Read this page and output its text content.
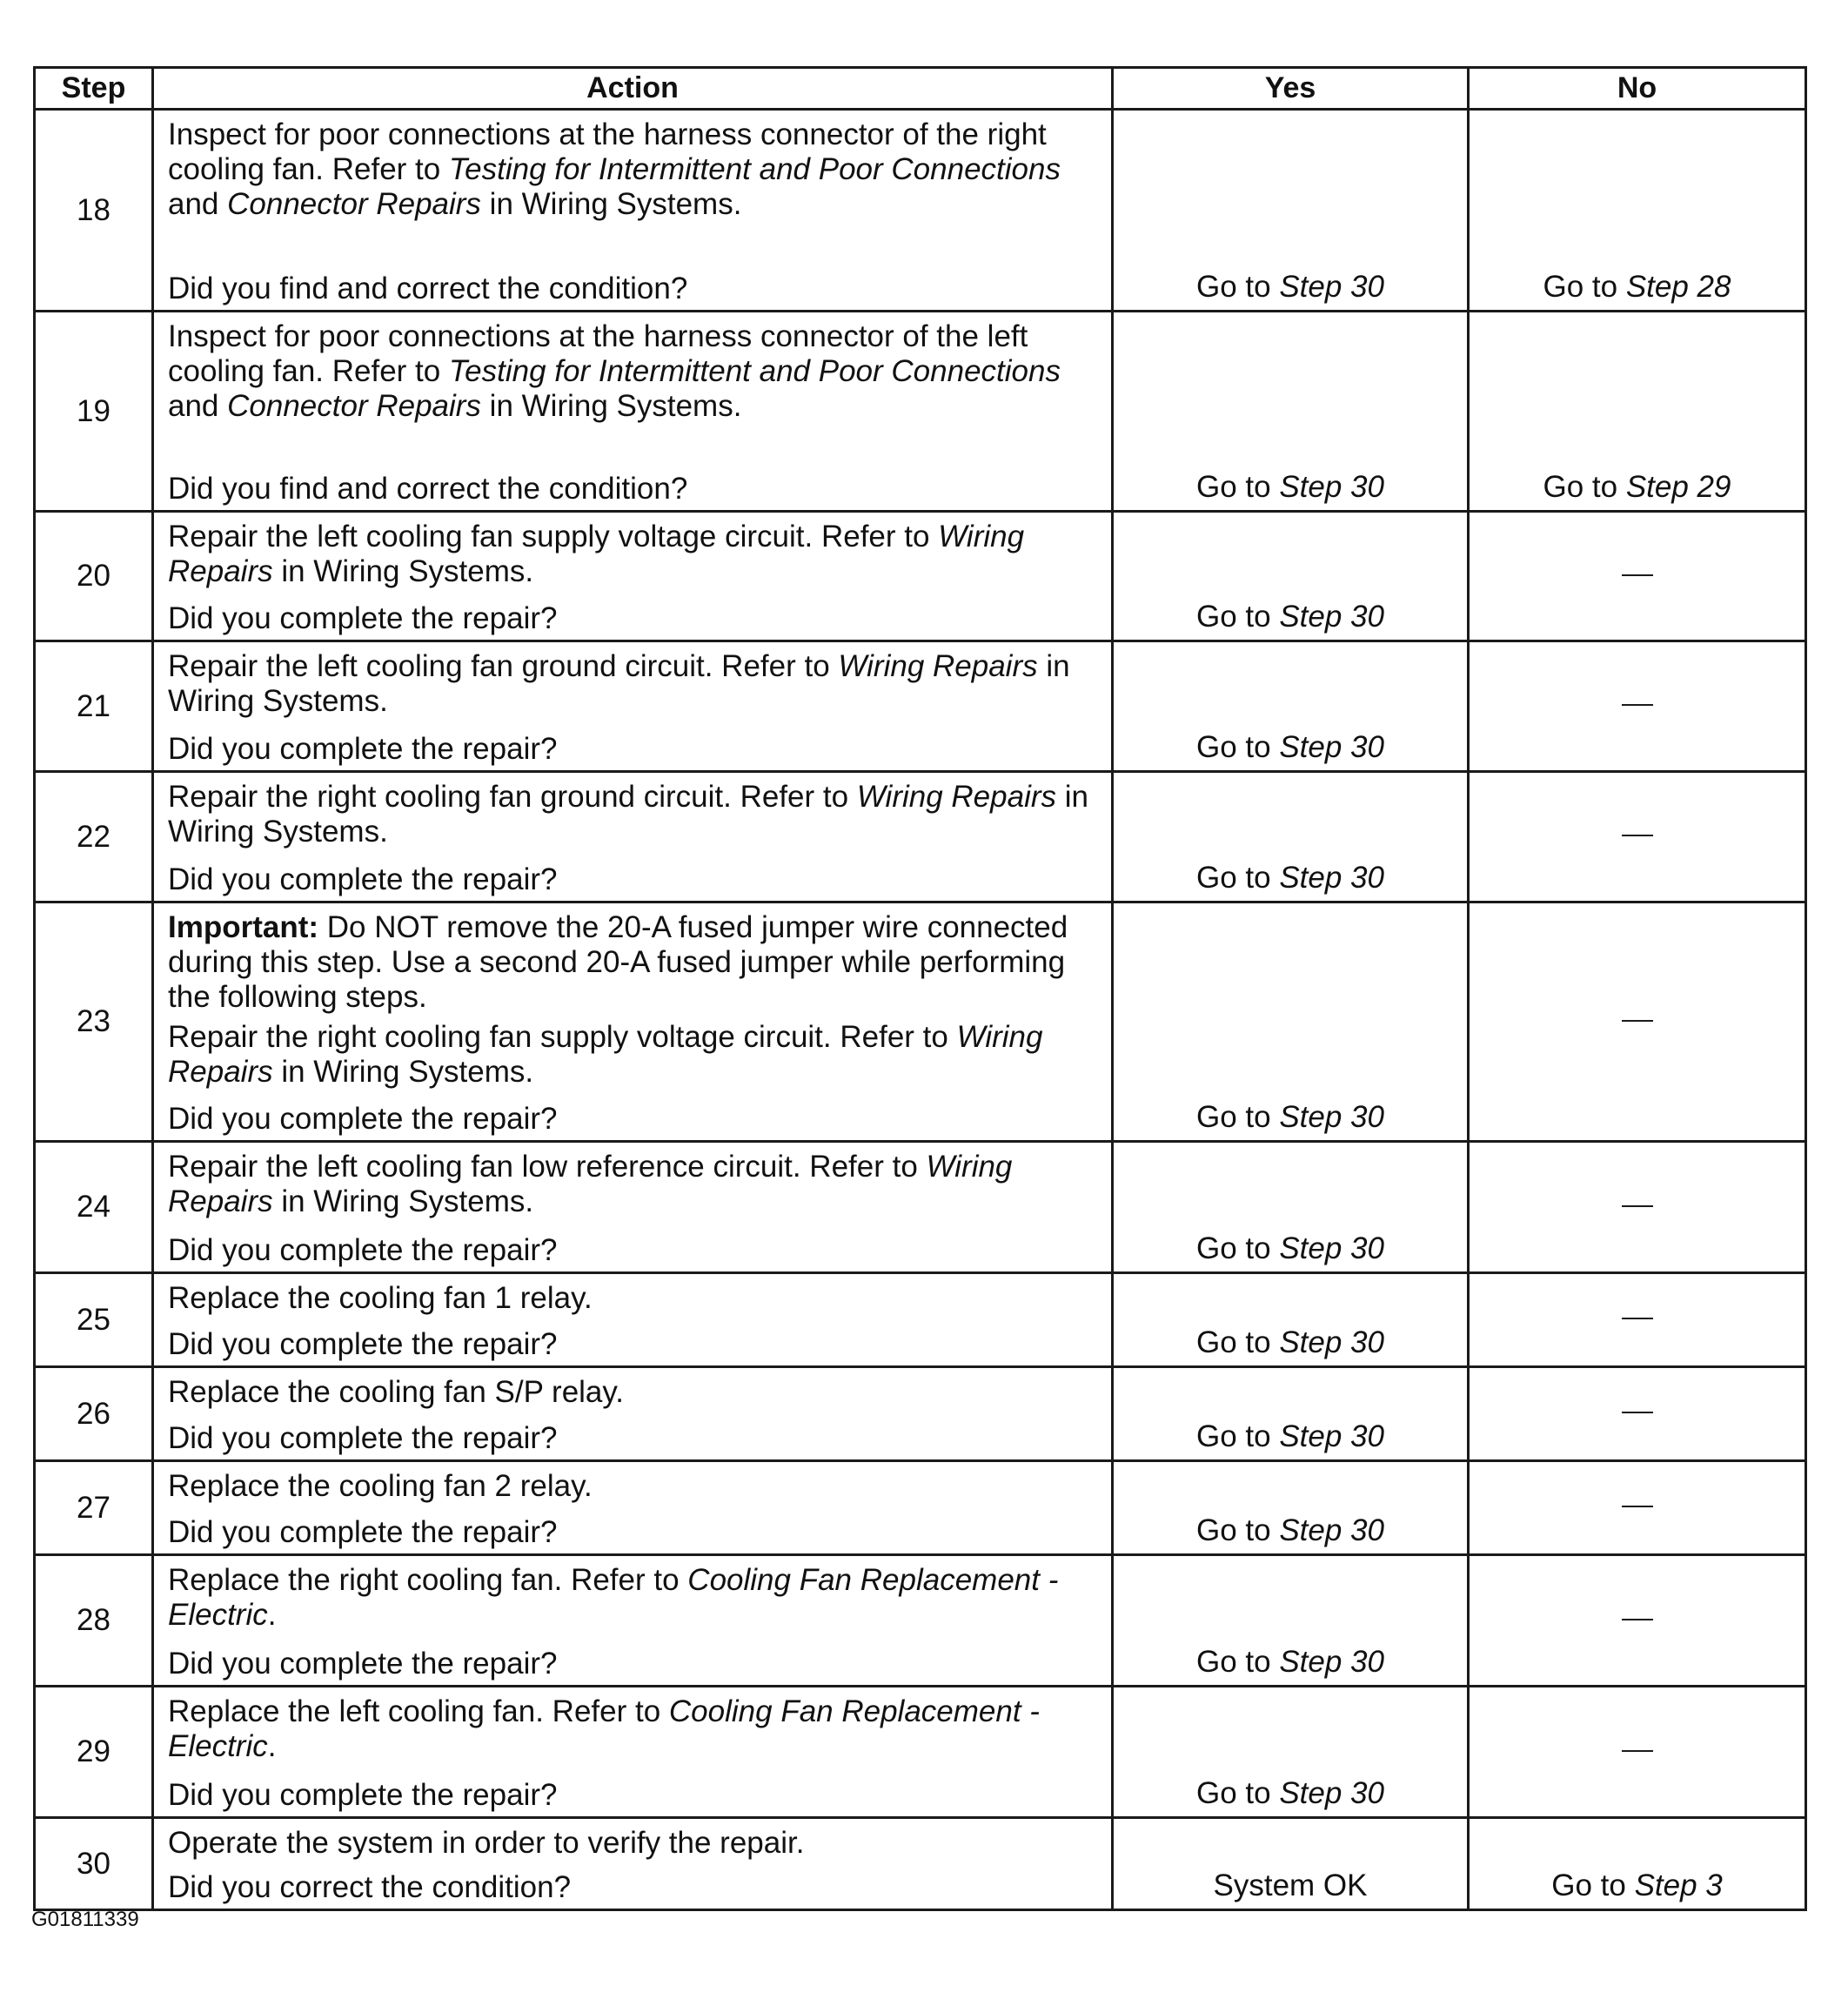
Step	Action	Yes	No
18	Inspect for poor connections at the harness connector of the right cooling fan. Refer to Testing for Intermittent and Poor Connections and Connector Repairs in Wiring Systems.

Did you find and correct the condition?	Go to Step 30	Go to Step 28
19	Inspect for poor connections at the harness connector of the left cooling fan. Refer to Testing for Intermittent and Poor Connections and Connector Repairs in Wiring Systems.

Did you find and correct the condition?	Go to Step 30	Go to Step 29
20	Repair the left cooling fan supply voltage circuit. Refer to Wiring Repairs in Wiring Systems.

Did you complete the repair?	Go to Step 30	
21	Repair the left cooling fan ground circuit. Refer to Wiring Repairs in Wiring Systems.

Did you complete the repair?	Go to Step 30	
22	Repair the right cooling fan ground circuit. Refer to Wiring Repairs in Wiring Systems.

Did you complete the repair?	Go to Step 30	
23	Important: Do NOT remove the 20-A fused jumper wire connected during this step. Use a second 20-A fused jumper while performing the following steps.

Repair the right cooling fan supply voltage circuit. Refer to Wiring Repairs in Wiring Systems.

Did you complete the repair?	Go to Step 30	
24	Repair the left cooling fan low reference circuit. Refer to Wiring Repairs in Wiring Systems.

Did you complete the repair?	Go to Step 30	
25	Replace the cooling fan 1 relay.

Did you complete the repair?	Go to Step 30	
26	Replace the cooling fan S/P relay.

Did you complete the repair?	Go to Step 30	
27	Replace the cooling fan 2 relay.

Did you complete the repair?	Go to Step 30	
28	Replace the right cooling fan. Refer to Cooling Fan Replacement - Electric.

Did you complete the repair?	Go to Step 30	
29	Replace the left cooling fan. Refer to Cooling Fan Replacement - Electric.

Did you complete the repair?	Go to Step 30	
30	Operate the system in order to verify the repair.

Did you correct the condition?	System OK	Go to Step 3
G01811339
